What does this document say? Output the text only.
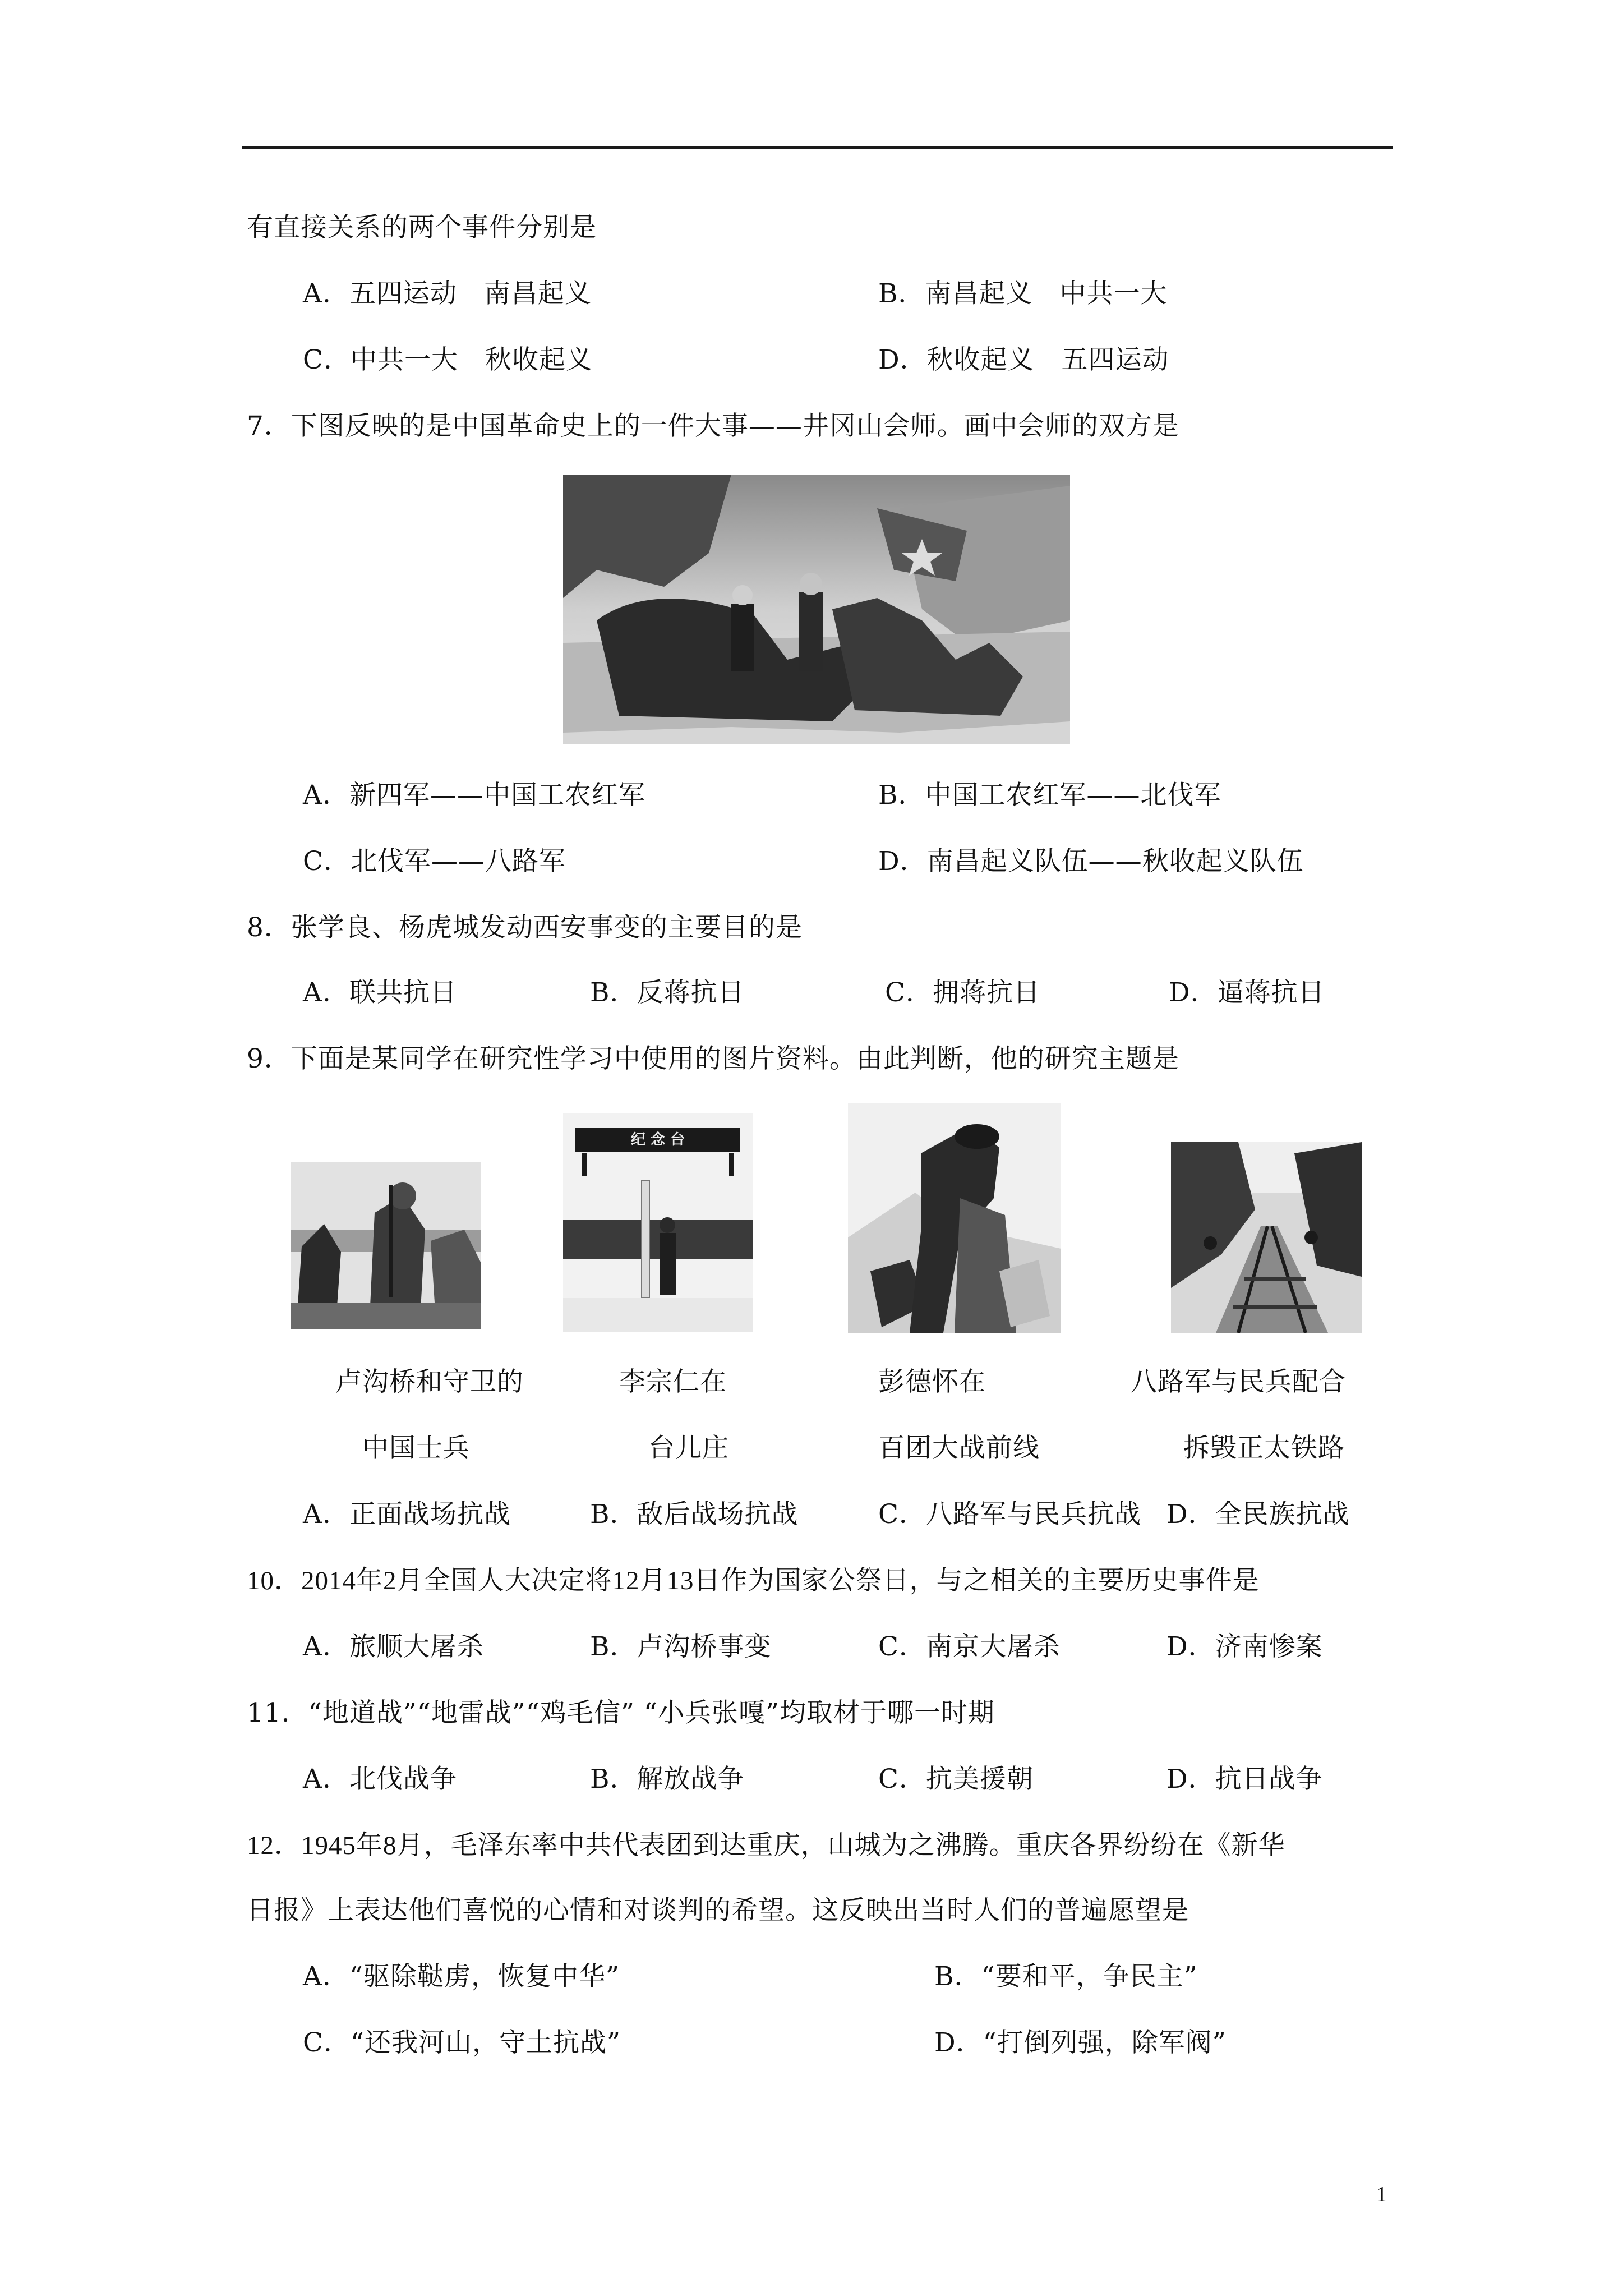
有直接关系的两个事件分别是
A．五四运动　南昌起义	B．南昌起义　中共一大
C．中共一大　秋收起义	D．秋收起义　五四运动
7．下图反映的是中国革命史上的一件大事——井冈山会师。画中会师的双方是
A．新四军——中国工农红军	B．中国工农红军——北伐军
C．北伐军——八路军	D．南昌起义队伍——秋收起义队伍
8．张学良、杨虎城发动西安事变的主要目的是
A．联共抗日	B．反蒋抗日	C．拥蒋抗日	D．逼蒋抗日
9．下面是某同学在研究性学习中使用的图片资料。由此判断，他的研究主题是
纪 念 台
卢沟桥和守卫的
中国士兵
李宗仁在
台儿庄
彭德怀在
百团大战前线
八路军与民兵配合
拆毁正太铁路
A．正面战场抗战	B．敌后战场抗战	C．八路军与民兵抗战 D．全民族抗战
10．2014年2月全国人大决定将12月13日作为国家公祭日，与之相关的主要历史事件是
A．旅顺大屠杀	B．卢沟桥事变	C．南京大屠杀	D．济南惨案
11．“地道战”“地雷战”“鸡毛信” “小兵张嘎”均取材于哪一时期
A．北伐战争	B．解放战争	C．抗美援朝	D．抗日战争
12．1945年8月，毛泽东率中共代表团到达重庆，山城为之沸腾。重庆各界纷纷在《新华
日报》上表达他们喜悦的心情和对谈判的希望。这反映出当时人们的普遍愿望是
A．“驱除鞑虏，恢复中华”	B．“要和平，争民主”
C．“还我河山，守土抗战”	D．“打倒列强，除军阀”
1
